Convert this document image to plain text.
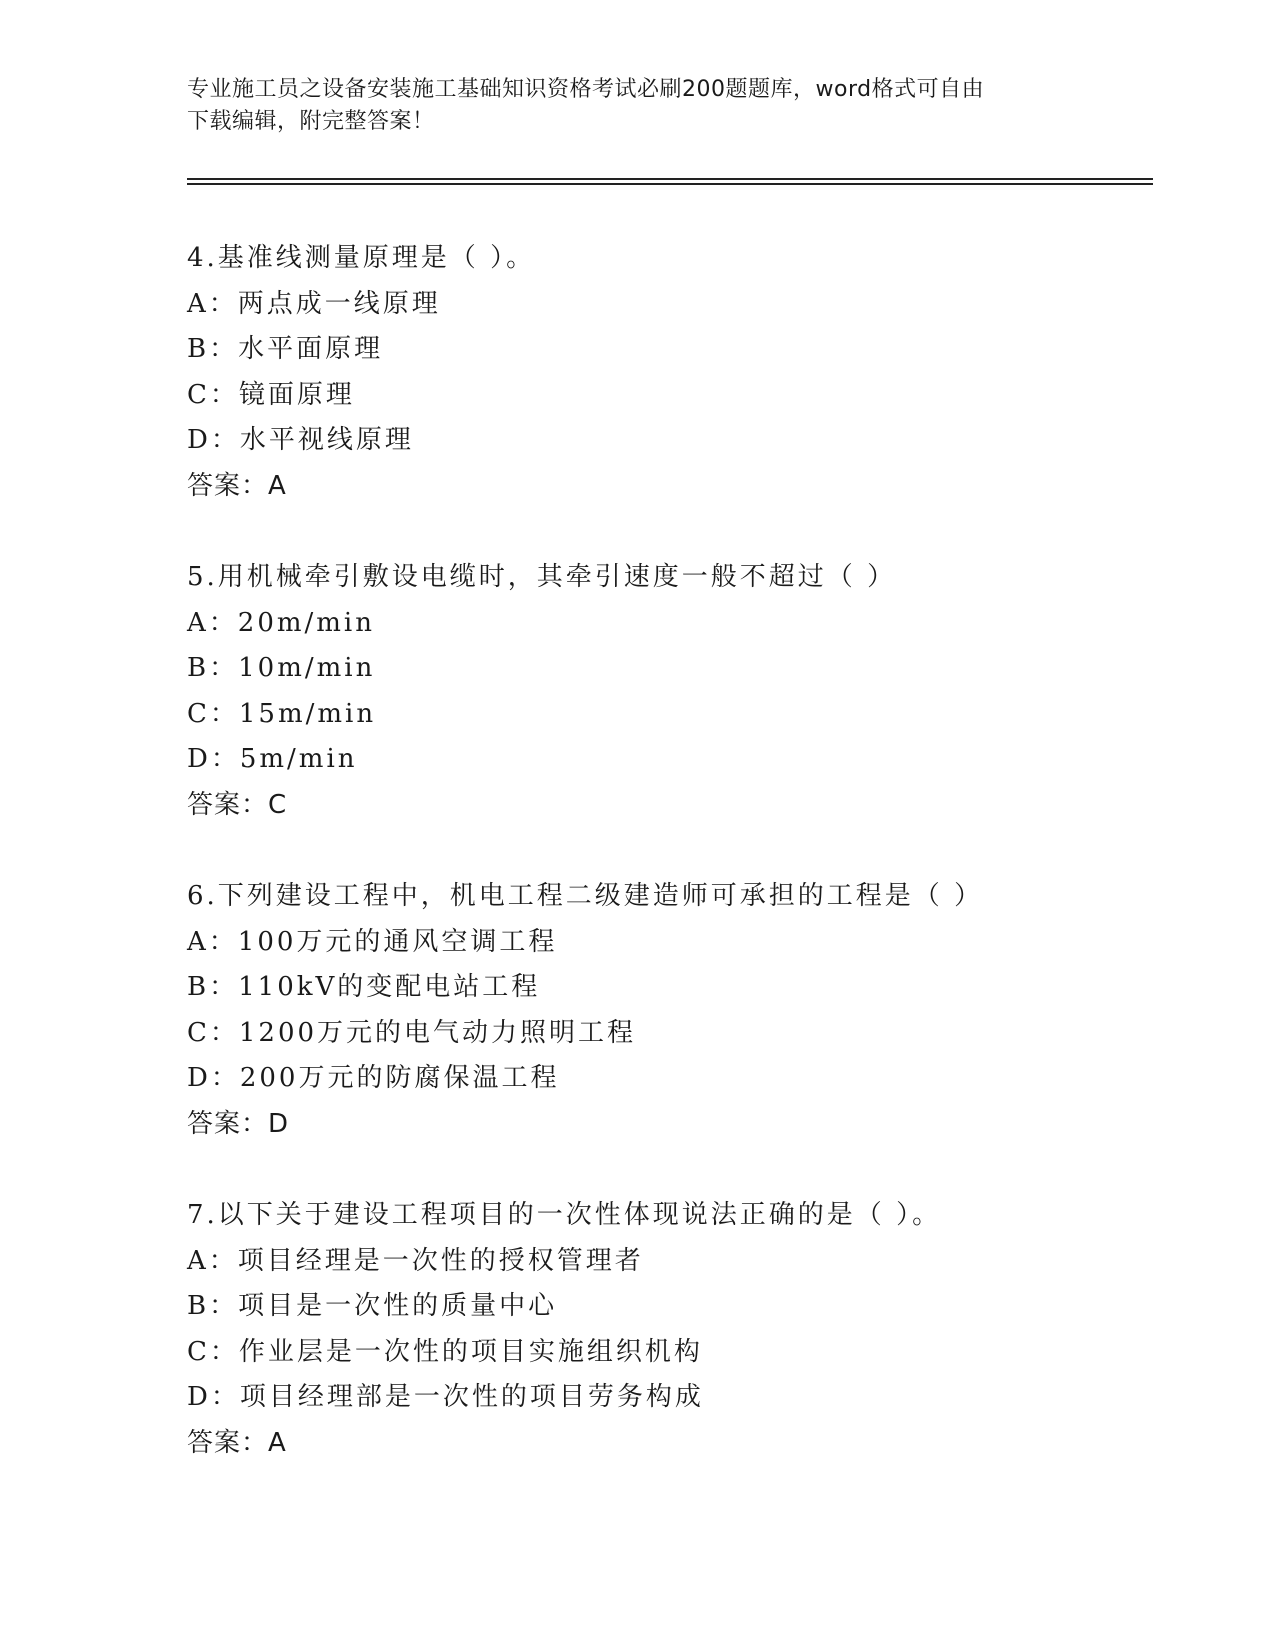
专业施工员之设备安装施工基础知识资格考试必刷200题题库，word格式可自由
下载编辑，附完整答案！
4.基准线测量原理是（ ）。
A：两点成一线原理
B：水平面原理
C：镜面原理
D：水平视线原理
答案：A
5.用机械牵引敷设电缆时，其牵引速度一般不超过（ ）
A：20m/min
B：10m/min
C：15m/min
D：5m/min
答案：C
6.下列建设工程中，机电工程二级建造师可承担的工程是（ ）
A：100万元的通风空调工程
B：110kV的变配电站工程
C：1200万元的电气动力照明工程
D：200万元的防腐保温工程
答案：D
7.以下关于建设工程项目的一次性体现说法正确的是（ ）。
A：项目经理是一次性的授权管理者
B：项目是一次性的质量中心
C：作业层是一次性的项目实施组织机构
D：项目经理部是一次性的项目劳务构成
答案：A
